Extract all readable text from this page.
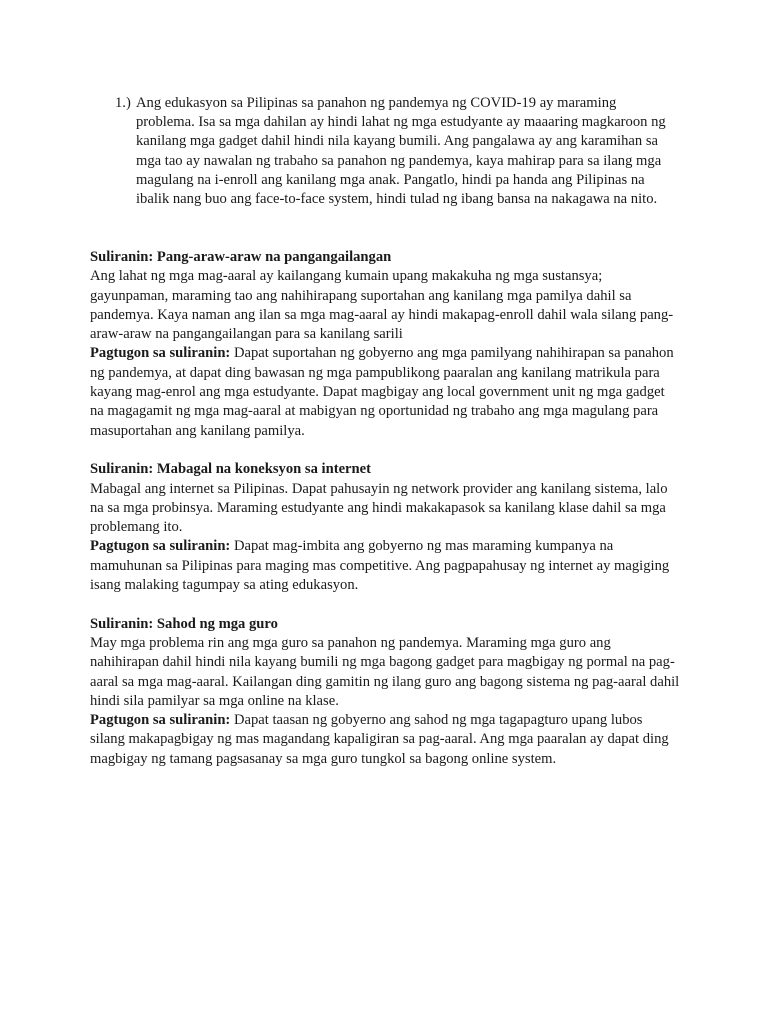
1.) Ang edukasyon sa Pilipinas sa panahon ng pandemya ng COVID-19 ay maraming problema. Isa sa mga dahilan ay hindi lahat ng mga estudyante ay maaaring magkaroon ng kanilang mga gadget dahil hindi nila kayang bumili. Ang pangalawa ay ang karamihan sa mga tao ay nawalan ng trabaho sa panahon ng pandemya, kaya mahirap para sa ilang mga magulang na i-enroll ang kanilang mga anak. Pangatlo, hindi pa handa ang Pilipinas na ibalik nang buo ang face-to-face system, hindi tulad ng ibang bansa na nakagawa na nito.
Suliranin: Pang-araw-araw na pangangailangan

Ang lahat ng mga mag-aaral ay kailangang kumain upang makakuha ng mga sustansya; gayunpaman, maraming tao ang nahihirapang suportahan ang kanilang mga pamilya dahil sa pandemya. Kaya naman ang ilan sa mga mag-aaral ay hindi makapag-enroll dahil wala silang pang-araw-araw na pangangailangan para sa kanilang sarili

Pagtugon sa suliranin: Dapat suportahan ng gobyerno ang mga pamilyang nahihirapan sa panahon ng pandemya, at dapat ding bawasan ng mga pampublikong paaralan ang kanilang matrikula para kayang mag-enrol ang mga estudyante. Dapat magbigay ang local government unit ng mga gadget na magagamit ng mga mag-aaral at mabigyan ng oportunidad ng trabaho ang mga magulang para masuportahan ang kanilang pamilya.

Suliranin: Mabagal na koneksyon sa internet

Mabagal ang internet sa Pilipinas. Dapat pahusayin ng network provider ang kanilang sistema, lalo na sa mga probinsya. Maraming estudyante ang hindi makakapasok sa kanilang klase dahil sa mga problemang ito.

Pagtugon sa suliranin: Dapat mag-imbita ang gobyerno ng mas maraming kumpanya na mamuhunan sa Pilipinas para maging mas competitive. Ang pagpapahusay ng internet ay magiging isang malaking tagumpay sa ating edukasyon.

Suliranin: Sahod ng mga guro

May mga problema rin ang mga guro sa panahon ng pandemya. Maraming mga guro ang nahihirapan dahil hindi nila kayang bumili ng mga bagong gadget para magbigay ng pormal na pag-aaral sa mga mag-aaral. Kailangan ding gamitin ng ilang guro ang bagong sistema ng pag-aaral dahil hindi sila pamilyar sa mga online na klase.

Pagtugon sa suliranin: Dapat taasan ng gobyerno ang sahod ng mga tagapagturo upang lubos silang makapagbigay ng mas magandang kapaligiran sa pag-aaral. Ang mga paaralan ay dapat ding magbigay ng tamang pagsasanay sa mga guro tungkol sa bagong online system.
